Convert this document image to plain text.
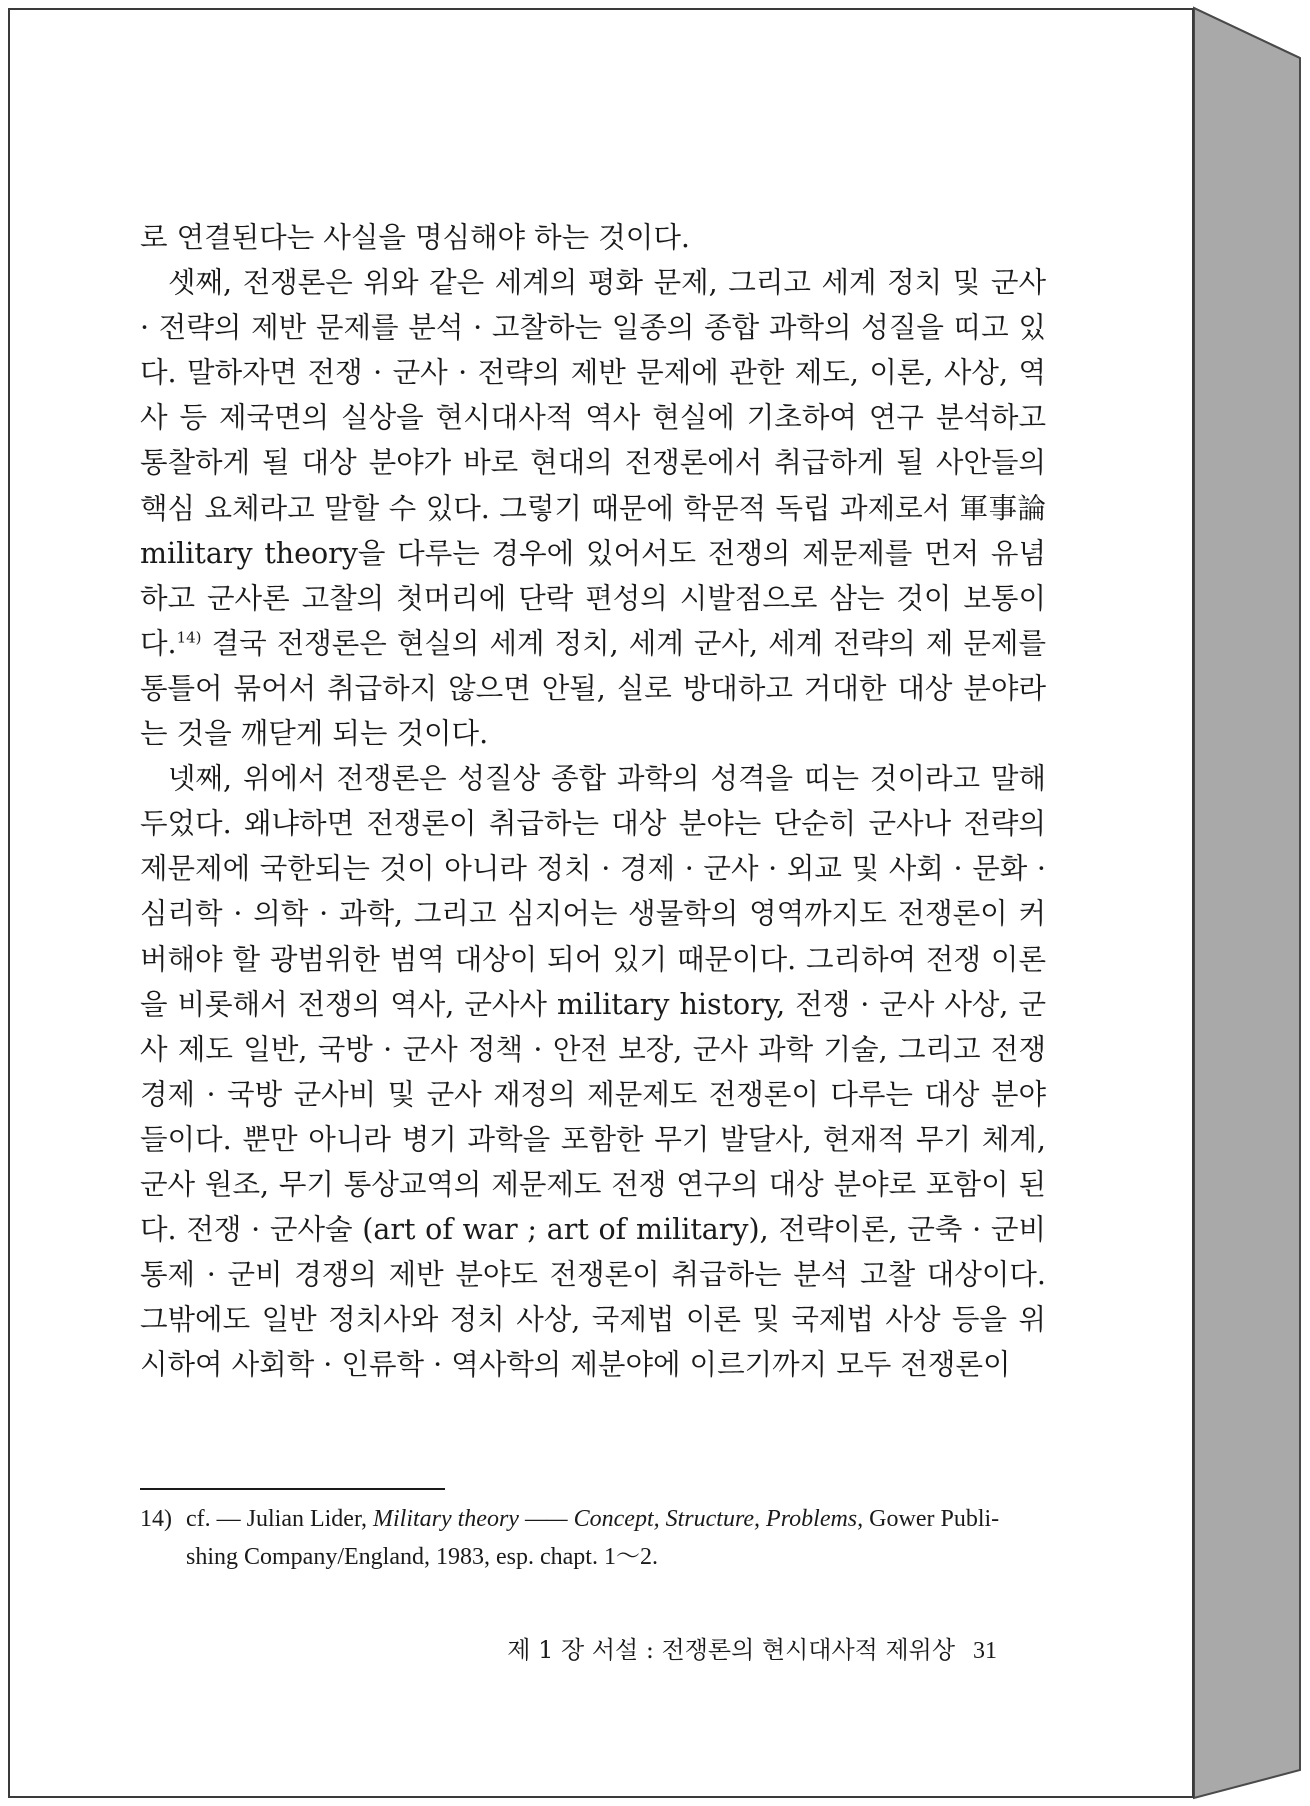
로 연결된다는 사실을 명심해야 하는 것이다.

셋째, 전쟁론은 위와 같은 세계의 평화 문제, 그리고 세계 정치 및 군사 · 전략의 제반 문제를 분석 · 고찰하는 일종의 종합 과학의 성질을 띠고 있다. 말하자면 전쟁 · 군사 · 전략의 제반 문제에 관한 제도, 이론, 사상, 역사 등 제국면의 실상을 현시대사적 역사 현실에 기초하여 연구 분석하고 통찰하게 될 대상 분야가 바로 현대의 전쟁론에서 취급하게 될 사안들의 핵심 요체라고 말할 수 있다. 그렇기 때문에 학문적 독립 과제로서 軍事論 military theory을 다루는 경우에 있어서도 전쟁의 제문제를 먼저 유념하고 군사론 고찰의 첫머리에 단락 편성의 시발점으로 삼는 것이 보통이다.$^{14)}$ 결국 전쟁론은 현실의 세계 정치, 세계 군사, 세계 전략의 제 문제를 통틀어 묶어서 취급하지 않으면 안될, 실로 방대하고 거대한 대상 분야라는 것을 깨닫게 되는 것이다.

넷째, 위에서 전쟁론은 성질상 종합 과학의 성격을 띠는 것이라고 말해두었다. 왜냐하면 전쟁론이 취급하는 대상 분야는 단순히 군사나 전략의 제문제에 국한되는 것이 아니라 정치 · 경제 · 군사 · 외교 및 사회 · 문화 · 심리학 · 의학 · 과학, 그리고 심지어는 생물학의 영역까지도 전쟁론이 커버해야 할 광범위한 범역 대상이 되어 있기 때문이다. 그리하여 전쟁 이론을 비롯해서 전쟁의 역사, 군사사 military history, 전쟁 · 군사 사상, 군사 제도 일반, 국방 · 군사 정책 · 안전 보장, 군사 과학 기술, 그리고 전쟁 경제 · 국방 군사비 및 군사 재정의 제문제도 전쟁론이 다루는 대상 분야들이다. 뿐만 아니라 병기 과학을 포함한 무기 발달사, 현재적 무기 체계, 군사 원조, 무기 통상교역의 제문제도 전쟁 연구의 대상 분야로 포함이 된다. 전쟁 · 군사술 (art of war ; art of military), 전략이론, 군축 · 군비 통제 · 군비 경쟁의 제반 분야도 전쟁론이 취급하는 분석 고찰 대상이다. 그밖에도 일반 정치사와 정치 사상, 국제법 이론 및 국제법 사상 등을 위시하여 사회학 · 인류학 · 역사학의 제분야에 이르기까지 모두 전쟁론이

14) cf. — Julian Lider, Military theory —— Concept, Structure, Problems, Gower Publi-
shing Company/England, 1983, esp. chapt. 1〜2.
제 1 장 서설 : 전쟁론의 현시대사적 제위상 31
